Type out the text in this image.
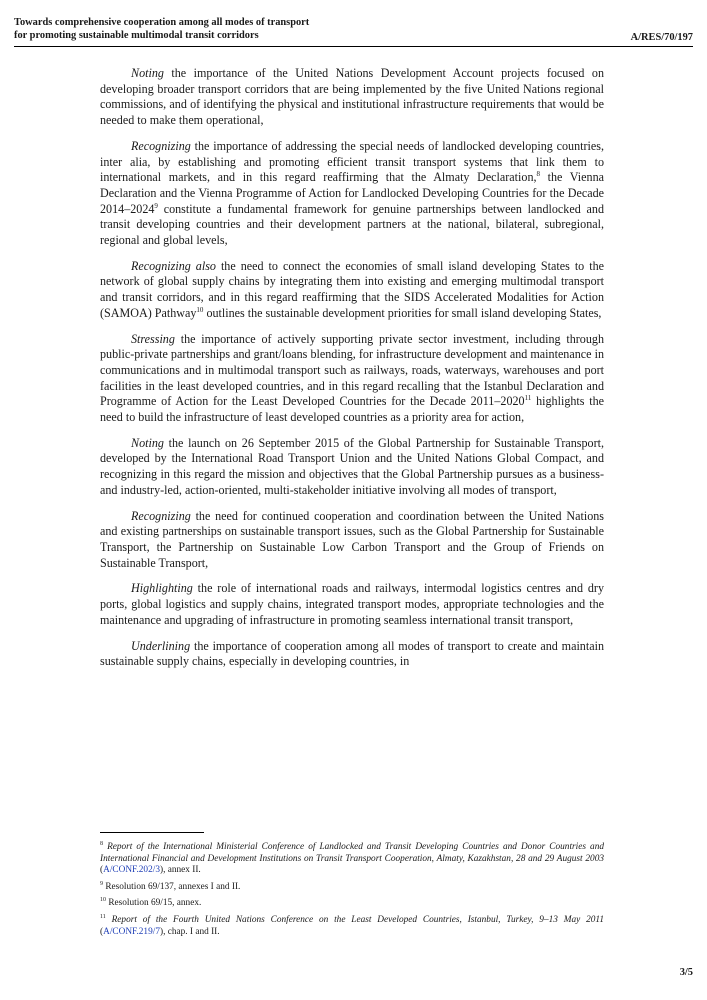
Towards comprehensive cooperation among all modes of transport
for promoting sustainable multimodal transit corridors	A/RES/70/197

Noting the importance of the United Nations Development Account projects focused on developing broader transport corridors that are being implemented by the five United Nations regional commissions, and of identifying the physical and institutional infrastructure requirements that would be needed to make them operational,

Recognizing the importance of addressing the special needs of landlocked developing countries, inter alia, by establishing and promoting efficient transit transport systems that link them to international markets, and in this regard reaffirming that the Almaty Declaration,$^8$ the Vienna Declaration and the Vienna Programme of Action for Landlocked Developing Countries for the Decade 2014–2024$^9$ constitute a fundamental framework for genuine partnerships between landlocked and transit developing countries and their development partners at the national, bilateral, subregional, regional and global levels,

Recognizing also the need to connect the economies of small island developing States to the network of global supply chains by integrating them into existing and emerging multimodal transport and transit corridors, and in this regard reaffirming that the SIDS Accelerated Modalities for Action (SAMOA) Pathway$^{10}$ outlines the sustainable development priorities for small island developing States,

Stressing the importance of actively supporting private sector investment, including through public-private partnerships and grant/loans blending, for infrastructure development and maintenance in communications and in multimodal transport such as railways, roads, waterways, warehouses and port facilities in the least developed countries, and in this regard recalling that the Istanbul Declaration and Programme of Action for the Least Developed Countries for the Decade 2011–2020$^{11}$ highlights the need to build the infrastructure of least developed countries as a priority area for action,

Noting the launch on 26 September 2015 of the Global Partnership for Sustainable Transport, developed by the International Road Transport Union and the United Nations Global Compact, and recognizing in this regard the mission and objectives that the Global Partnership pursues as a business- and industry-led, action-oriented, multi-stakeholder initiative involving all modes of transport,

Recognizing the need for continued cooperation and coordination between the United Nations and existing partnerships on sustainable transport issues, such as the Global Partnership for Sustainable Transport, the Partnership on Sustainable Low Carbon Transport and the Group of Friends on Sustainable Transport,

Highlighting the role of international roads and railways, intermodal logistics centres and dry ports, global logistics and supply chains, integrated transport modes, appropriate technologies and the maintenance and upgrading of infrastructure in promoting seamless international transit transport,

Underlining the importance of cooperation among all modes of transport to create and maintain sustainable supply chains, especially in developing countries, in

$^8$ Report of the International Ministerial Conference of Landlocked and Transit Developing Countries and Donor Countries and International Financial and Development Institutions on Transit Transport Cooperation, Almaty, Kazakhstan, 28 and 29 August 2003 (A/CONF.202/3), annex II.
$^9$ Resolution 69/137, annexes I and II.
$^{10}$ Resolution 69/15, annex.
$^{11}$ Report of the Fourth United Nations Conference on the Least Developed Countries, Istanbul, Turkey, 9–13 May 2011 (A/CONF.219/7), chap. I and II.
3/5
